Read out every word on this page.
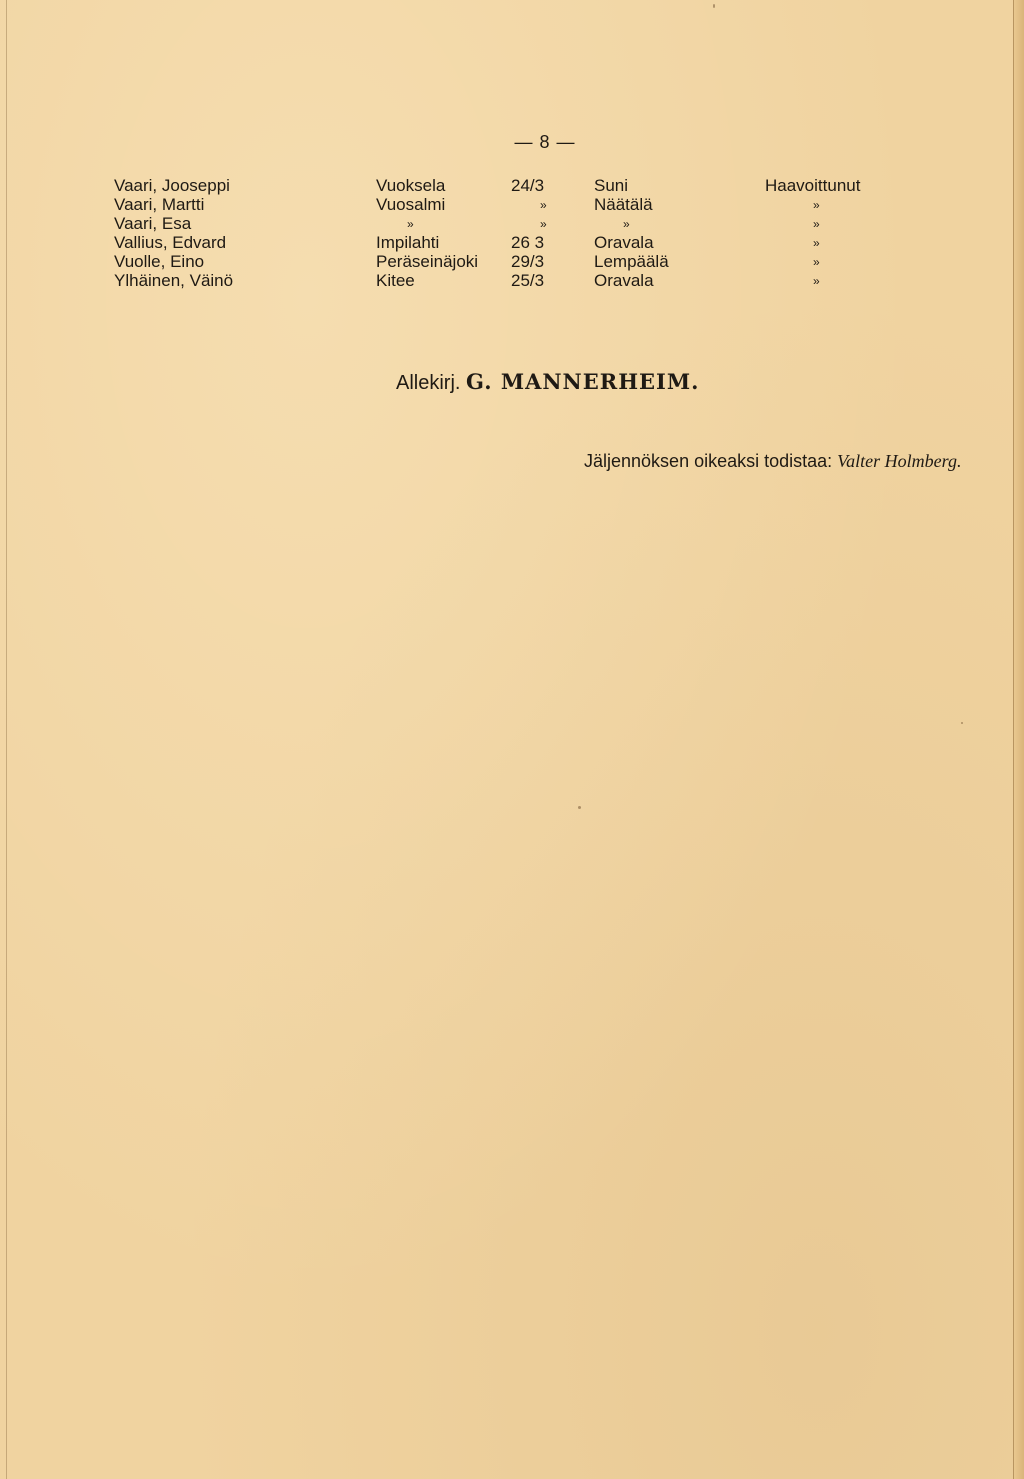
— 8 —
Vaari, Jooseppi	Vuoksela	24/3	Suni	Haavoittunut
Vaari, Martti	Vuosalmi	»	Näätälä	»
Vaari, Esa	»	»	»	»
Vallius, Edvard	Impilahti	26 3	Oravala	»
Vuolle, Eino	Peräseinäjoki 29/3	Lempäälä	»
Ylhäinen, Väinö	Kitee	25/3	Oravala	»
Allekirj. G. MANNERHEIM.
Jäljennöksen oikeaksi todistaa: Valter Holmberg.
